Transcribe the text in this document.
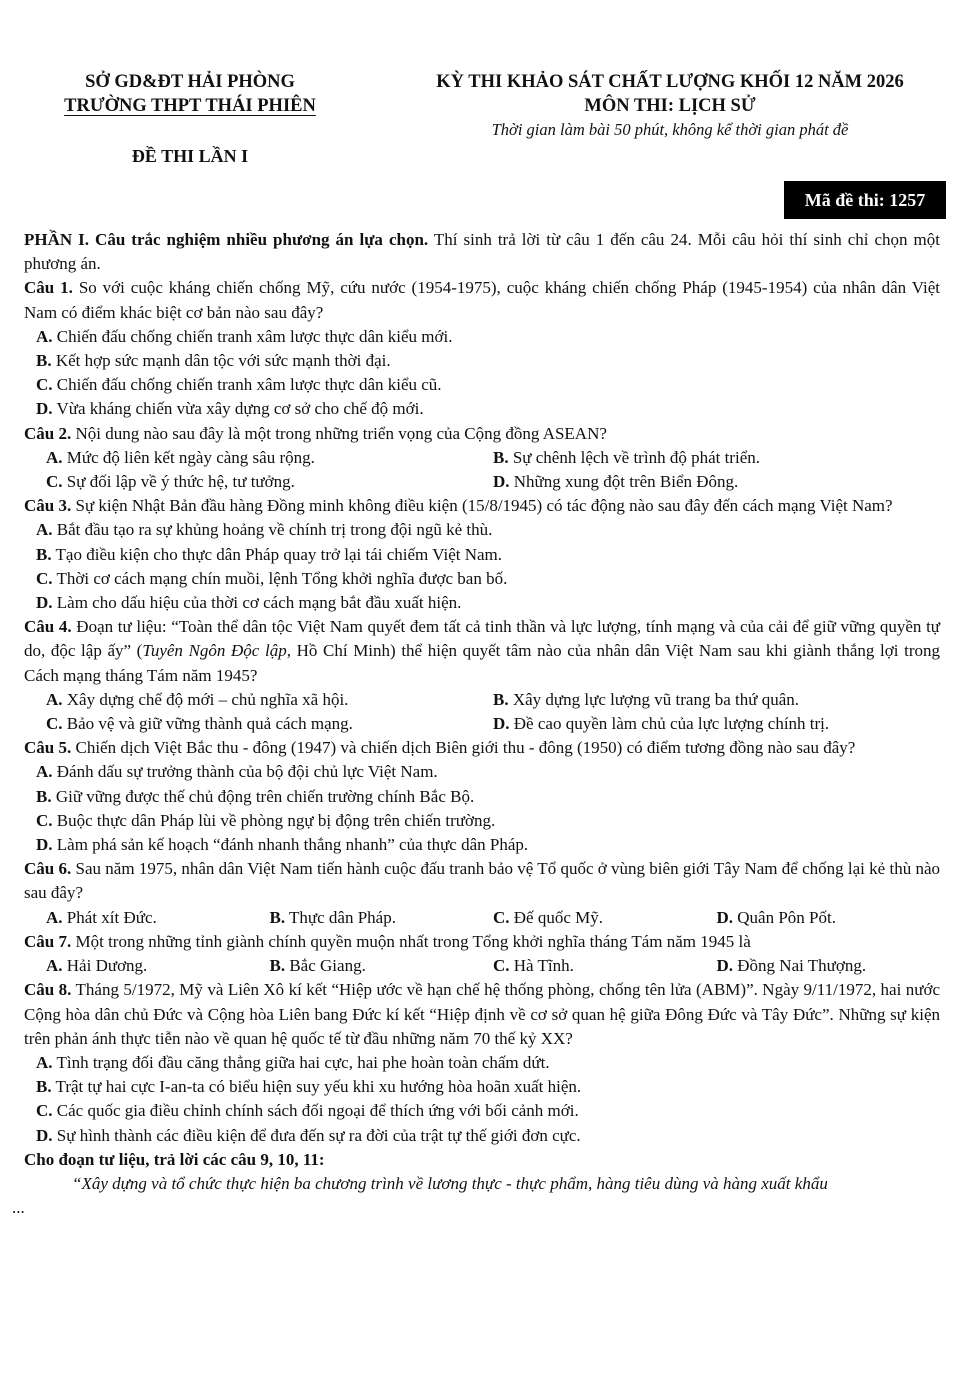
SỞ GD&ĐT HẢI PHÒNG
TRƯỜNG THPT THÁI PHIÊN
ĐỀ THI LẦN I
KỲ THI KHẢO SÁT CHẤT LƯỢNG KHỐI 12 NĂM 2026
MÔN THI: LỊCH SỬ
Thời gian làm bài 50 phút, không kể thời gian phát đề
Mã đề thi: 1257

PHẦN I. Câu trắc nghiệm nhiều phương án lựa chọn. Thí sinh trả lời từ câu 1 đến câu 24. Mỗi câu hỏi thí sinh chỉ chọn một phương án.

Câu 1. So với cuộc kháng chiến chống Mỹ, cứu nước (1954-1975), cuộc kháng chiến chống Pháp (1945-1954) của nhân dân Việt Nam có điểm khác biệt cơ bản nào sau đây?

A. Chiến đấu chống chiến tranh xâm lược thực dân kiểu mới.

B. Kết hợp sức mạnh dân tộc với sức mạnh thời đại.

C. Chiến đấu chống chiến tranh xâm lược thực dân kiểu cũ.

D. Vừa kháng chiến vừa xây dựng cơ sở cho chế độ mới.

Câu 2. Nội dung nào sau đây là một trong những triển vọng của Cộng đồng ASEAN?

A. Mức độ liên kết ngày càng sâu rộng.	B. Sự chênh lệch về trình độ phát triển.
C. Sự đối lập về ý thức hệ, tư tưởng.	D. Những xung đột trên Biển Đông.

Câu 3. Sự kiện Nhật Bản đầu hàng Đồng minh không điều kiện (15/8/1945) có tác động nào sau đây đến cách mạng Việt Nam?

A. Bắt đầu tạo ra sự khủng hoảng về chính trị trong đội ngũ kẻ thù.

B. Tạo điều kiện cho thực dân Pháp quay trở lại tái chiếm Việt Nam.

C. Thời cơ cách mạng chín muồi, lệnh Tổng khởi nghĩa được ban bố.

D. Làm cho dấu hiệu của thời cơ cách mạng bắt đầu xuất hiện.

Câu 4. Đoạn tư liệu: “Toàn thể dân tộc Việt Nam quyết đem tất cả tinh thần và lực lượng, tính mạng và của cải để giữ vững quyền tự do, độc lập ấy” (Tuyên Ngôn Độc lập, Hồ Chí Minh) thể hiện quyết tâm nào của nhân dân Việt Nam sau khi giành thắng lợi trong Cách mạng tháng Tám năm 1945?

A. Xây dựng chế độ mới – chủ nghĩa xã hội.	B. Xây dựng lực lượng vũ trang ba thứ quân.
C. Bảo vệ và giữ vững thành quả cách mạng.	D. Đề cao quyền làm chủ của lực lượng chính trị.

Câu 5. Chiến dịch Việt Bắc thu - đông (1947) và chiến dịch Biên giới thu - đông (1950) có điểm tương đồng nào sau đây?

A. Đánh dấu sự trưởng thành của bộ đội chủ lực Việt Nam.

B. Giữ vững được thế chủ động trên chiến trường chính Bắc Bộ.

C. Buộc thực dân Pháp lùi về phòng ngự bị động trên chiến trường.

D. Làm phá sản kế hoạch “đánh nhanh thắng nhanh” của thực dân Pháp.

Câu 6. Sau năm 1975, nhân dân Việt Nam tiến hành cuộc đấu tranh bảo vệ Tổ quốc ở vùng biên giới Tây Nam để chống lại kẻ thù nào sau đây?

A. Phát xít Đức.	B. Thực dân Pháp.	C. Đế quốc Mỹ.	D. Quân Pôn Pốt.

Câu 7. Một trong những tỉnh giành chính quyền muộn nhất trong Tổng khởi nghĩa tháng Tám năm 1945 là

A. Hải Dương.	B. Bắc Giang.	C. Hà Tĩnh.	D. Đồng Nai Thượng.

Câu 8. Tháng 5/1972, Mỹ và Liên Xô kí kết “Hiệp ước về hạn chế hệ thống phòng, chống tên lửa (ABM)”. Ngày 9/11/1972, hai nước Cộng hòa dân chủ Đức và Cộng hòa Liên bang Đức kí kết “Hiệp định về cơ sở quan hệ giữa Đông Đức và Tây Đức”. Những sự kiện trên phản ánh thực tiễn nào về quan hệ quốc tế từ đầu những năm 70 thế kỷ XX?

A. Tình trạng đối đầu căng thẳng giữa hai cực, hai phe hoàn toàn chấm dứt.

B. Trật tự hai cực I-an-ta có biểu hiện suy yếu khi xu hướng hòa hoãn xuất hiện.

C. Các quốc gia điều chỉnh chính sách đối ngoại để thích ứng với bối cảnh mới.

D. Sự hình thành các điều kiện để đưa đến sự ra đời của trật tự thế giới đơn cực.

Cho đoạn tư liệu, trả lời các câu 9, 10, 11:

“Xây dựng và tổ chức thực hiện ba chương trình về lương thực - thực phẩm, hàng tiêu dùng và hàng xuất khẩu

...
